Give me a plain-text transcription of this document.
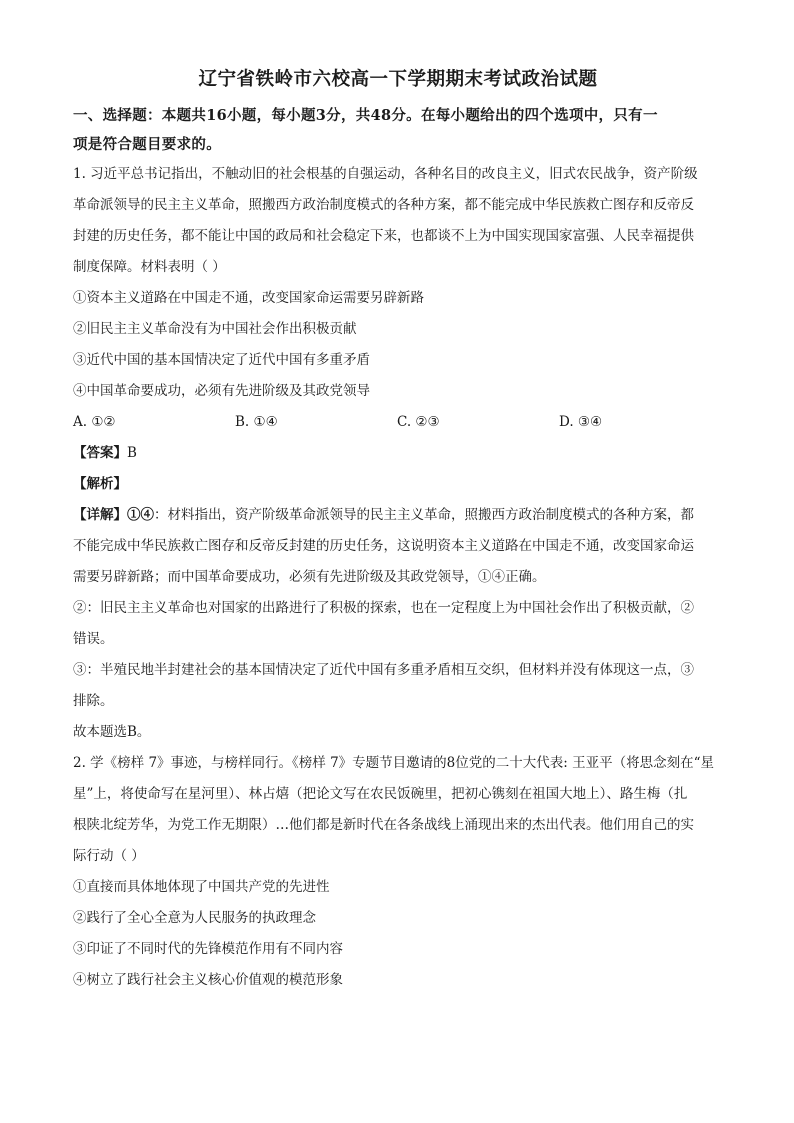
辽宁省铁岭市六校高一下学期期末考试政治试题

一、选择题：本题共16小题，每小题3分，共48分。在每小题给出的四个选项中，只有一

项是符合题目要求的。

1. 习近平总书记指出，不触动旧的社会根基的自强运动，各种名目的改良主义，旧式农民战争，资产阶级

革命派领导的民主主义革命，照搬西方政治制度模式的各种方案，都不能完成中华民族救亡图存和反帝反

封建的历史任务，都不能让中国的政局和社会稳定下来，也都谈不上为中国实现国家富强、人民幸福提供

制度保障。材料表明（ ）

①资本主义道路在中国走不通，改变国家命运需要另辟新路

②旧民主主义革命没有为中国社会作出积极贡献

③近代中国的基本国情决定了近代中国有多重矛盾

④中国革命要成功，必须有先进阶级及其政党领导

A. ①②	B. ①④	C. ②③	D. ③④

【答案】B

【解析】

【详解】①④：材料指出，资产阶级革命派领导的民主主义革命，照搬西方政治制度模式的各种方案，都

不能完成中华民族救亡图存和反帝反封建的历史任务，这说明资本主义道路在中国走不通，改变国家命运

需要另辟新路；而中国革命要成功，必须有先进阶级及其政党领导，①④正确。

②：旧民主主义革命也对国家的出路进行了积极的探索，也在一定程度上为中国社会作出了积极贡献，②

错误。

③：半殖民地半封建社会的基本国情决定了近代中国有多重矛盾相互交织，但材料并没有体现这一点，③

排除。

故本题选B。

2. 学《榜样 7》事迹，与榜样同行。《榜样 7》专题节目邀请的8位党的二十大代表: 王亚平（将思念刻在“星

星”上，将使命写在星河里）、林占熺（把论文写在农民饭碗里，把初心镌刻在祖国大地上）、路生梅（扎

根陕北绽芳华，为党工作无期限）…他们都是新时代在各条战线上涌现出来的杰出代表。他们用自己的实

际行动（ ）

①直接而具体地体现了中国共产党的先进性

②践行了全心全意为人民服务的执政理念

③印证了不同时代的先锋模范作用有不同内容

④树立了践行社会主义核心价值观的模范形象
